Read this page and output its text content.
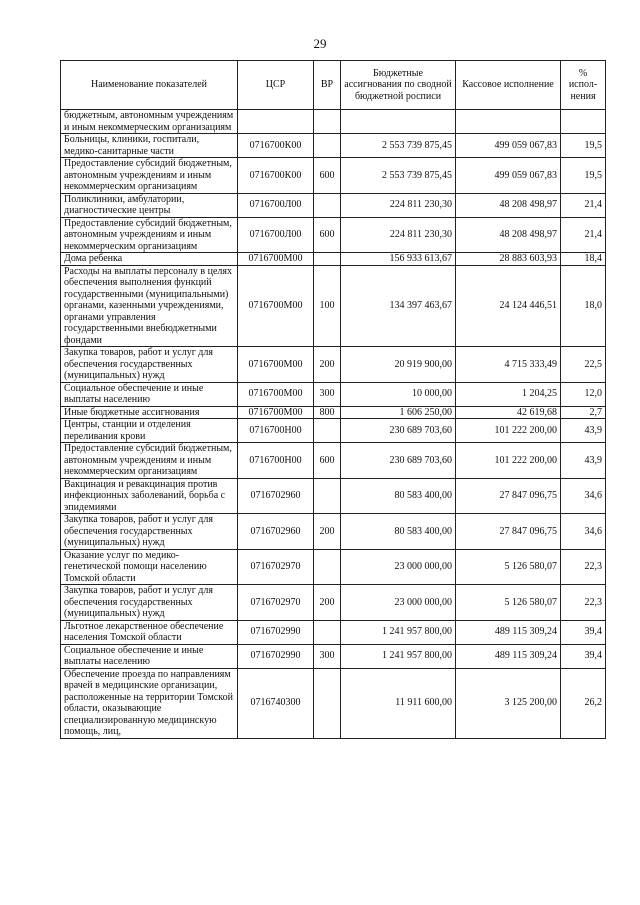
29
Наименование показателей	ЦСР	ВР	Бюджетные ассигнования по сводной бюджетной росписи	Кассовое исполнение	% испол-нения
бюджетным, автономным учреждениям и иным некоммерческим организациям					
Больницы, клиники, госпитали, медико-санитарные части	0716700К00		2 553 739 875,45	499 059 067,83	19,5
Предоставление субсидий бюджетным, автономным учреждениям и иным некоммерческим организациям	0716700К00	600	2 553 739 875,45	499 059 067,83	19,5
Поликлиники, амбулатории, диагностические центры	0716700Л00		224 811 230,30	48 208 498,97	21,4
Предоставление субсидий бюджетным, автономным учреждениям и иным некоммерческим организациям	0716700Л00	600	224 811 230,30	48 208 498,97	21,4
Дома ребенка	0716700М00		156 933 613,67	28 883 603,93	18,4
Расходы на выплаты персоналу в целях обеспечения выполнения функций государственными (муниципальными) органами, казенными учреждениями, органами управления государственными внебюджетными фондами	0716700М00	100	134 397 463,67	24 124 446,51	18,0
Закупка товаров, работ и услуг для обеспечения государственных (муниципальных) нужд	0716700М00	200	20 919 900,00	4 715 333,49	22,5
Социальное обеспечение и иные выплаты населению	0716700М00	300	10 000,00	1 204,25	12,0
Иные бюджетные ассигнования	0716700М00	800	1 606 250,00	42 619,68	2,7
Центры, станции и отделения переливания крови	0716700Н00		230 689 703,60	101 222 200,00	43,9
Предоставление субсидий бюджетным, автономным учреждениям и иным некоммерческим организациям	0716700Н00	600	230 689 703,60	101 222 200,00	43,9
Вакцинация и ревакцинация против инфекционных заболеваний, борьба с эпидемиями	0716702960		80 583 400,00	27 847 096,75	34,6
Закупка товаров, работ и услуг для обеспечения государственных (муниципальных) нужд	0716702960	200	80 583 400,00	27 847 096,75	34,6
Оказание услуг по медико-генетической помощи населению Томской области	0716702970		23 000 000,00	5 126 580,07	22,3
Закупка товаров, работ и услуг для обеспечения государственных (муниципальных) нужд	0716702970	200	23 000 000,00	5 126 580,07	22,3
Льготное лекарственное обеспечение населения Томской области	0716702990		1 241 957 800,00	489 115 309,24	39,4
Социальное обеспечение и иные выплаты населению	0716702990	300	1 241 957 800,00	489 115 309,24	39,4
Обеспечение проезда по направлениям врачей в медицинские организации, расположенные на территории Томской области, оказывающие специализированную медицинскую помощь, лиц,	0716740300		11 911 600,00	3 125 200,00	26,2
